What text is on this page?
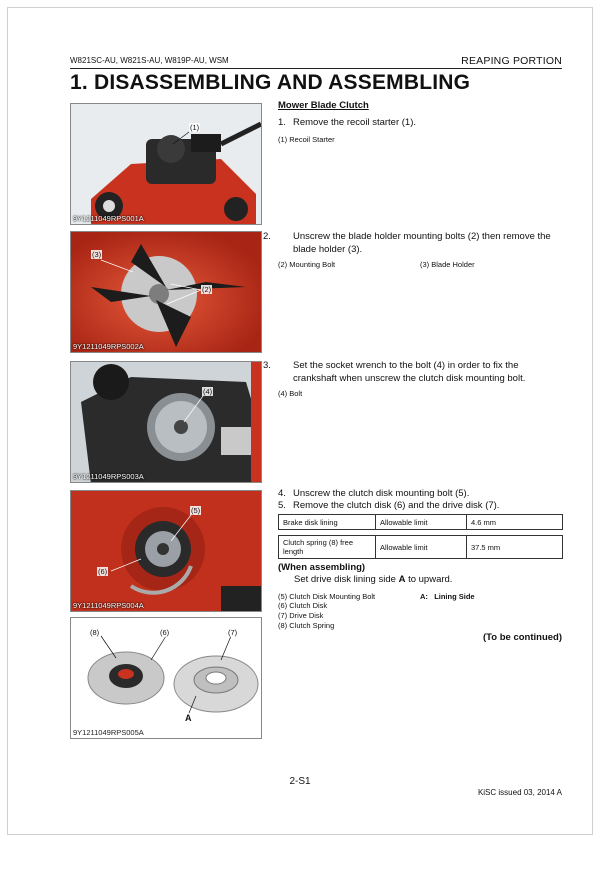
W821SC-AU, W821S-AU, W819P-AU, WSM	REAPING PORTION
1. DISASSEMBLING AND ASSEMBLING
(1)
9Y1211049RPS001A
(3)
(2)
9Y1211049RPS002A
(4)
9Y1211049RPS003A
(5)
(6)
9Y1211049RPS004A
(8)	(6)	(7)
A
9Y1211049RPS005A
Mower Blade Clutch
1. Remove the recoil starter (1).
(1) Recoil Starter
2. Unscrew the blade holder mounting bolts (2) then remove the blade holder (3).
(2) Mounting Bolt	(3) Blade Holder
3. Set the socket wrench to the bolt (4) in order to fix the crankshaft when unscrew the clutch disk mounting bolt.
(4) Bolt
4. Unscrew the clutch disk mounting bolt (5).
5. Remove the clutch disk (6) and the drive disk (7).
Brake disk lining	Allowable limit	4.6 mm
Clutch spring (8) free length	Allowable limit	37.5 mm
(When assembling)
Set drive disk lining side A to upward.
(5) Clutch Disk Mounting Bolt	A: Lining Side
(6) Clutch Disk
(7) Drive Disk
(8) Clutch Spring
(To be continued)
2-S1
KiSC issued 03, 2014 A
